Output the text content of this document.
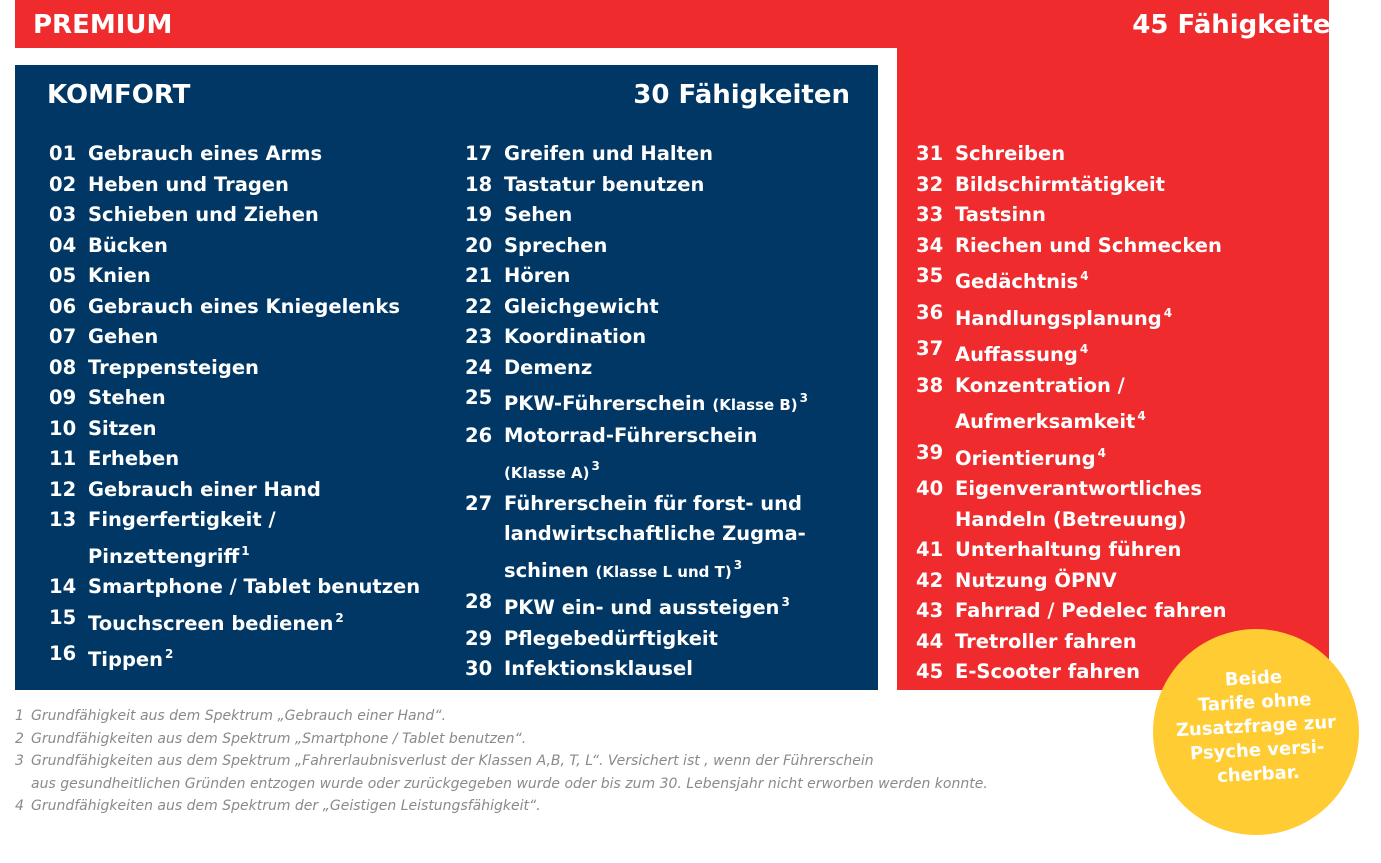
PREMIUM	45 Fähigkeiten
KOMFORT	30 Fähigkeiten
01 Gebrauch eines Arms
02 Heben und Tragen
03 Schieben und Ziehen
04 Bücken
05 Knien
06 Gebrauch eines Kniegelenks
07 Gehen
08 Treppensteigen
09 Stehen
10 Sitzen
11 Erheben
12 Gebrauch einer Hand
13 Fingerfertigkeit /
Pinzettengriff $^1$
14 Smartphone / Tablet benutzen
15 Touchscreen bedienen $^2$
16 Tippen $^2$
17 Greifen und Halten
18 Tastatur benutzen
19 Sehen
20 Sprechen
21 Hören
22 Gleichgewicht
23 Koordination
24 Demenz
25 PKW-Führerschein (Klasse B) $^3$
26 Motorrad-Führerschein
(Klasse A) $^3$
27 Führerschein für forst- und
landwirtschaftliche Zugma-
schinen (Klasse L und T) $^3$
28 PKW ein- und aussteigen $^3$
29 Pflegebedürftigkeit
30 Infektionsklausel
31 Schreiben
32 Bildschirmtätigkeit
33 Tastsinn
34 Riechen und Schmecken
35 Gedächtnis $^4$
36 Handlungsplanung $^4$
37 Auffassung $^4$
38 Konzentration /
Aufmerksamkeit $^4$
39 Orientierung $^4$
40 Eigenverantwortliches
Handeln (Betreuung)
41 Unterhaltung führen
42 Nutzung ÖPNV
43 Fahrrad / Pedelec fahren
44 Tretroller fahren
45 E-Scooter fahren
1 Grundfähigkeit aus dem Spektrum „Gebrauch einer Hand“.
2 Grundfähigkeiten aus dem Spektrum „Smartphone / Tablet benutzen“.
3 Grundfähigkeiten aus dem Spektrum „Fahrerlaubnisverlust der Klassen A,B, T, L“. Versichert ist , wenn der Führerschein
aus gesundheitlichen Gründen entzogen wurde oder zurückgegeben wurde oder bis zum 30. Lebensjahr nicht erworben werden konnte.
4 Grundfähigkeiten aus dem Spektrum der „Geistigen Leistungsfähigkeit“.
Beide
Tarife ohne
Zusatzfrage zur
Psyche versi-
cherbar.
